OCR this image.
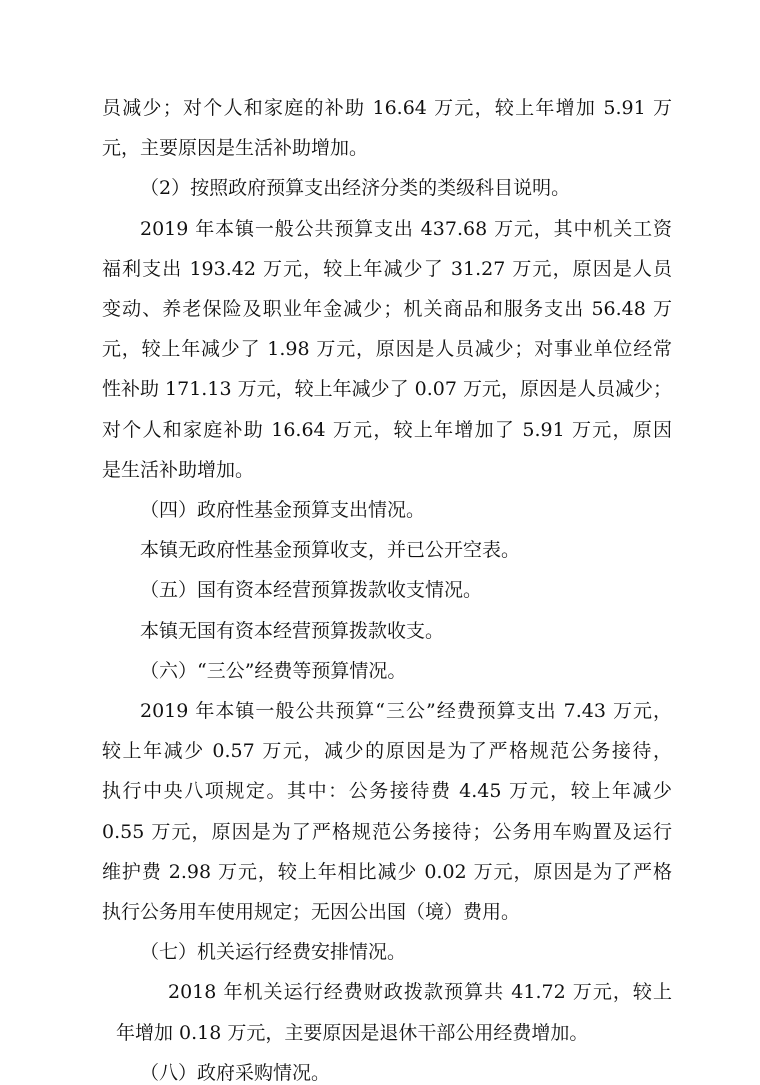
员减少；对个人和家庭的补助 16.64 万元，较上年增加 5.91 万
元，主要原因是生活补助增加。
（2）按照政府预算支出经济分类的类级科目说明。
2019 年本镇一般公共预算支出 437.68 万元，其中机关工资
福利支出 193.42 万元，较上年减少了 31.27 万元，原因是人员
变动、养老保险及职业年金减少；机关商品和服务支出 56.48 万
元，较上年减少了 1.98 万元，原因是人员减少；对事业单位经常
性补助 171.13 万元，较上年减少了 0.07 万元，原因是人员减少；
对个人和家庭补助 16.64 万元，较上年增加了 5.91 万元，原因
是生活补助增加。
（四）政府性基金预算支出情况。
本镇无政府性基金预算收支，并已公开空表。
（五）国有资本经营预算拨款收支情况。
本镇无国有资本经营预算拨款收支。
（六）“三公”经费等预算情况。
2019 年本镇一般公共预算“三公”经费预算支出 7.43 万元，
较上年减少 0.57 万元，减少的原因是为了严格规范公务接待，
执行中央八项规定。其中：公务接待费 4.45 万元，较上年减少
0.55 万元，原因是为了严格规范公务接待；公务用车购置及运行
维护费 2.98 万元，较上年相比减少 0.02 万元，原因是为了严格
执行公务用车使用规定；无因公出国（境）费用。
（七）机关运行经费安排情况。
2018 年机关运行经费财政拨款预算共 41.72 万元，较上
年增加 0.18 万元，主要原因是退休干部公用经费增加。
（八）政府采购情况。
